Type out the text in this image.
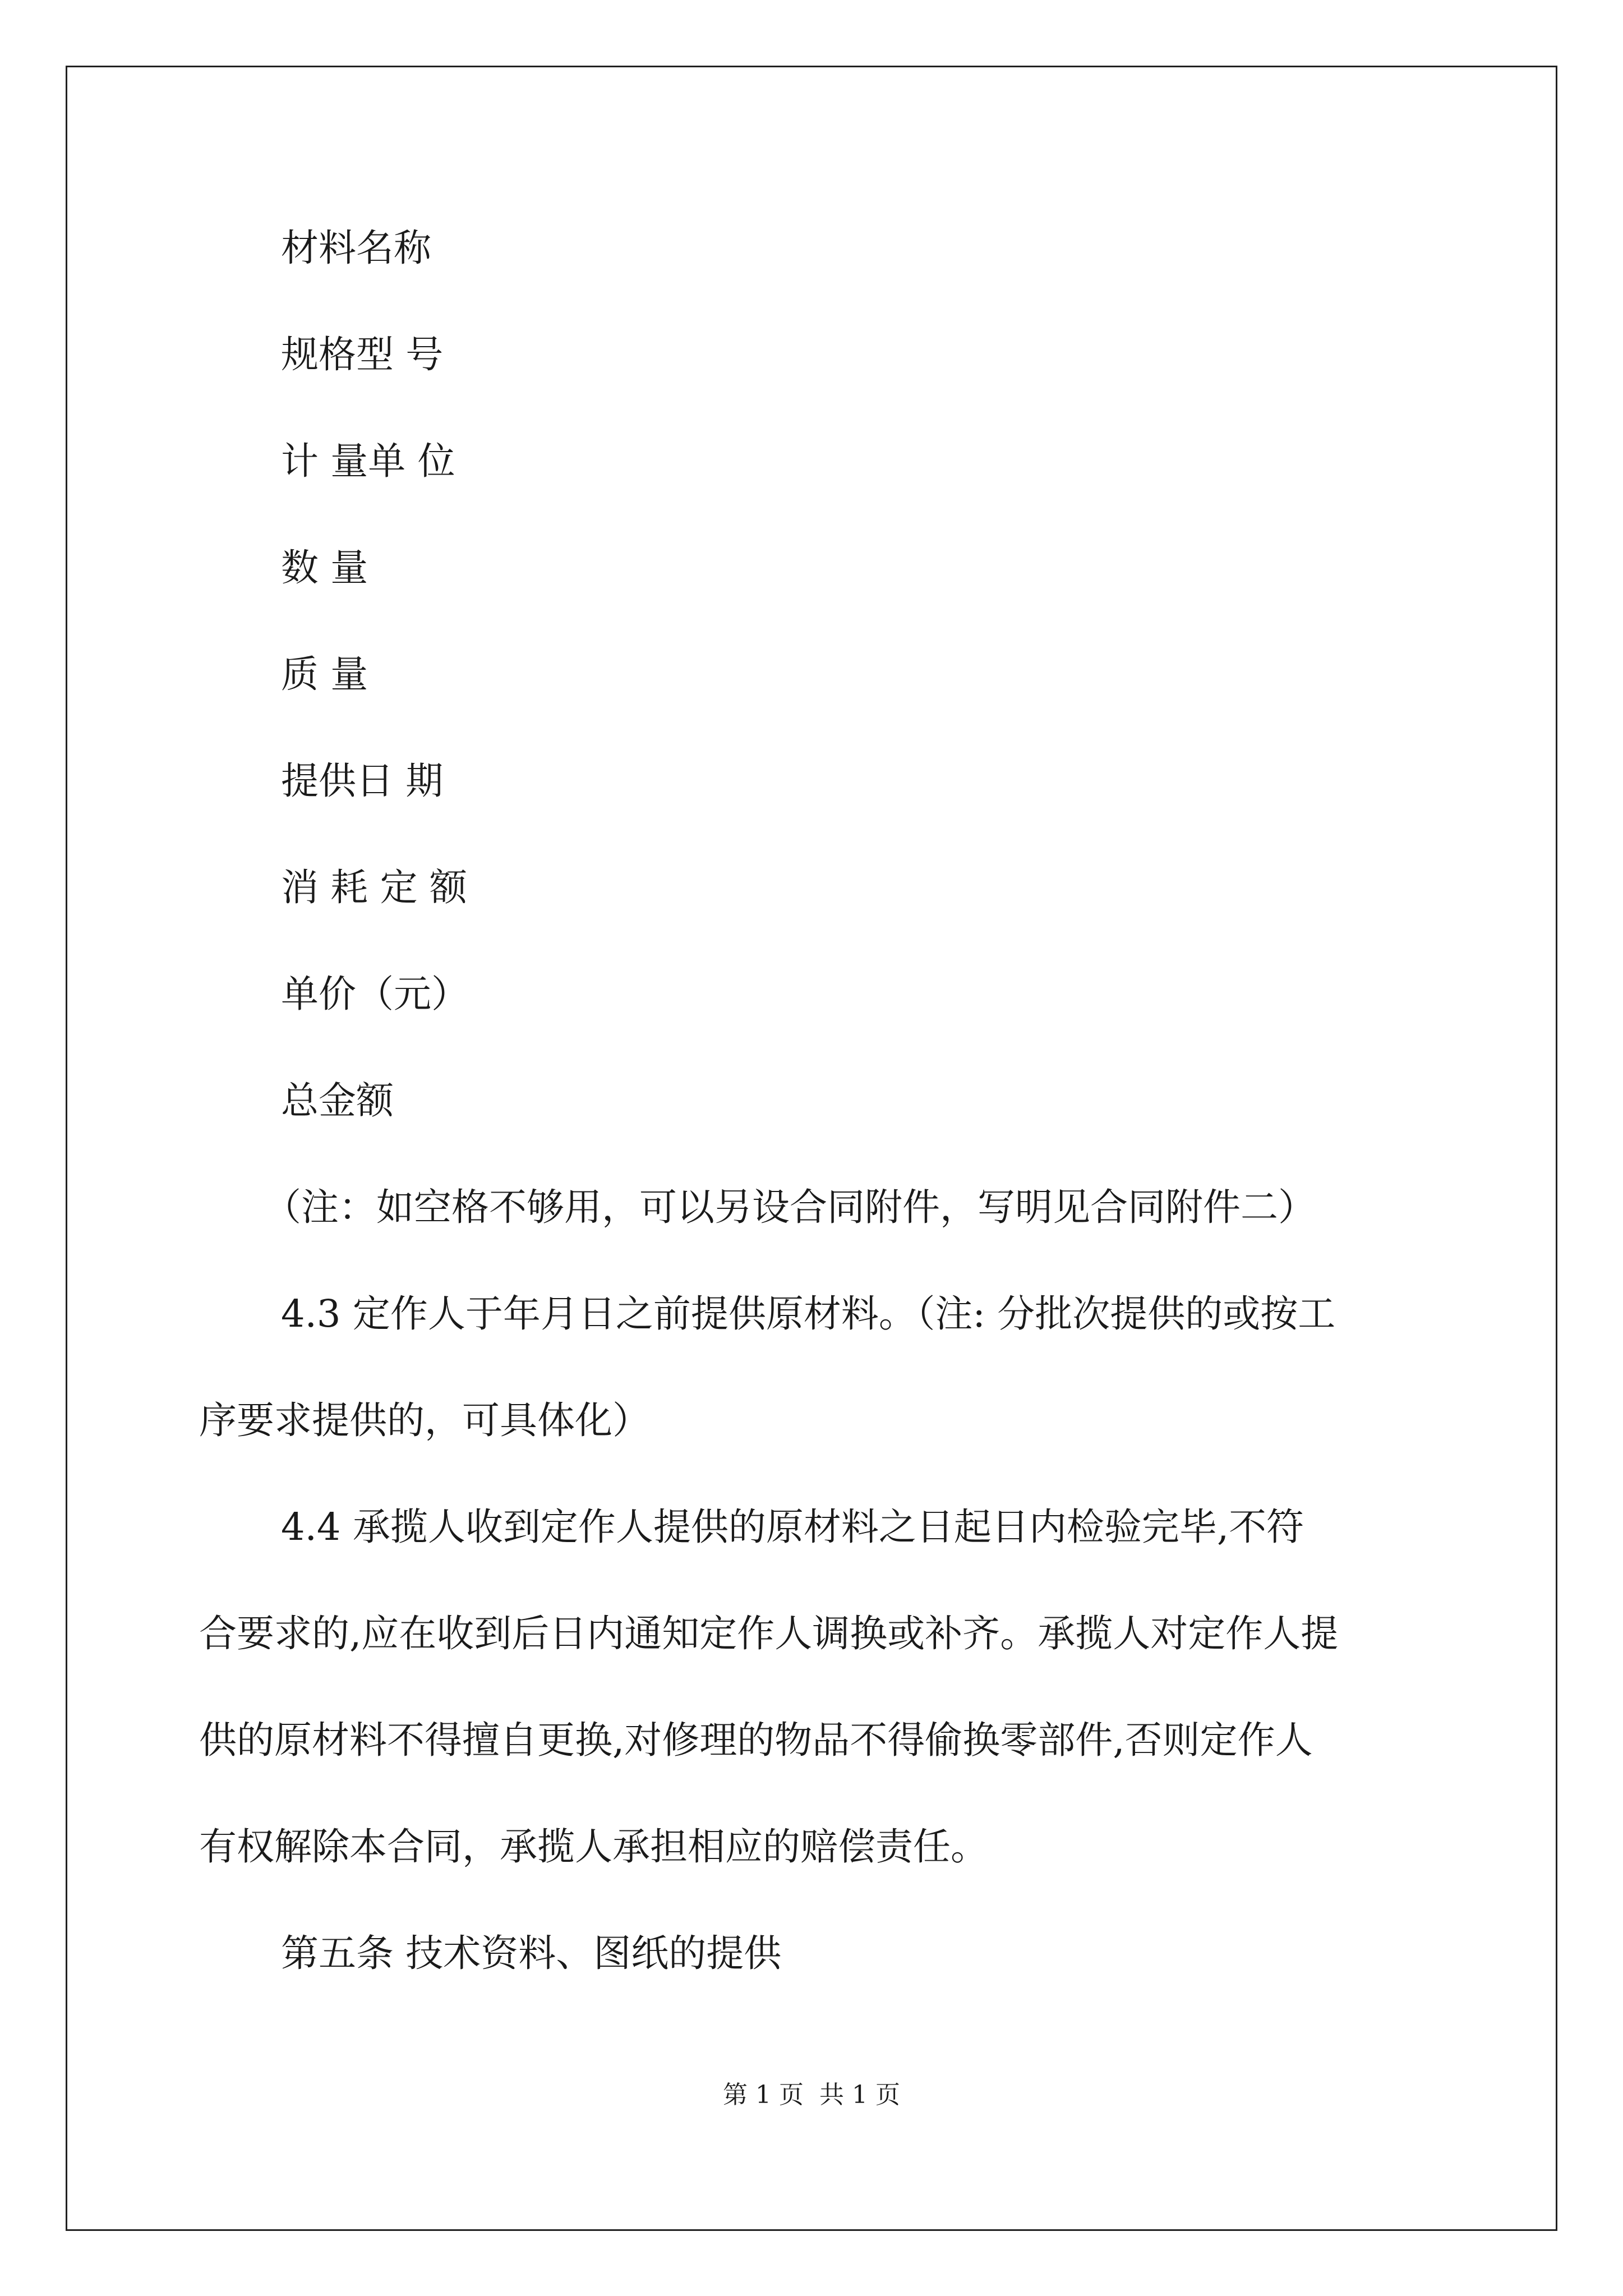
材料名称
规格型 号
计 量单 位
数 量
质 量
提供日 期
消 耗 定 额
单价（元）
总金额
（注：如空格不够用，可以另设合同附件，写明见合同附件二）
4.3 定作人于年月日之前提供原材料。（注: 分批次提供的或按工
序要求提供的，可具体化）
4.4 承揽人收到定作人提供的原材料之日起日内检验完毕,不符
合要求的,应在收到后日内通知定作人调换或补齐。承揽人对定作人提
供的原材料不得擅自更换,对修理的物品不得偷换零部件,否则定作人
有权解除本合同，承揽人承担相应的赔偿责任。
第五条 技术资料、图纸的提供
第 1 页  共 1 页
